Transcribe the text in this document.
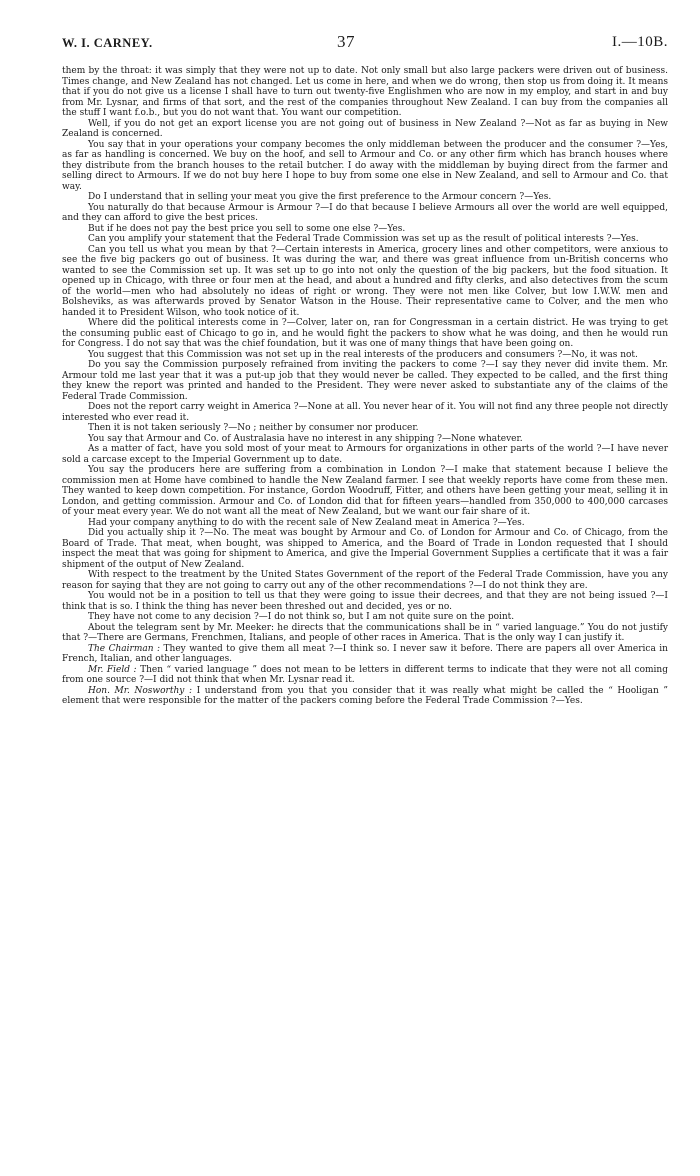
W. I. CARNEY.	37	I.—10B.

them by the throat: it was simply that they were not up to date. Not only small but also large packers were driven out of business. Times change, and New Zealand has not changed. Let us come in here, and when we do wrong, then stop us from doing it. It means that if you do not give us a license I shall have to turn out twenty-five Englishmen who are now in my employ, and start in and buy from Mr. Lysnar, and firms of that sort, and the rest of the companies throughout New Zealand. I can buy from the companies all the stuff I want f.o.b., but you do not want that. You want our competition.

Well, if you do not get an export license you are not going out of business in New Zealand ?—Not as far as buying in New Zealand is concerned.

You say that in your operations your company becomes the only middleman between the producer and the consumer ?—Yes, as far as handling is concerned. We buy on the hoof, and sell to Armour and Co. or any other firm which has branch houses where they distribute from the branch houses to the retail butcher. I do away with the middleman by buying direct from the farmer and selling direct to Armours. If we do not buy here I hope to buy from some one else in New Zealand, and sell to Armour and Co. that way.

Do I understand that in selling your meat you give the first preference to the Armour concern ?—Yes.

You naturally do that because Armour is Armour ?—I do that because I believe Armours all over the world are well equipped, and they can afford to give the best prices.

But if he does not pay the best price you sell to some one else ?—Yes.

Can you amplify your statement that the Federal Trade Commission was set up as the result of political interests ?—Yes.

Can you tell us what you mean by that ?—Certain interests in America, grocery lines and other competitors, were anxious to see the five big packers go out of business. It was during the war, and there was great influence from un-British concerns who wanted to see the Commission set up. It was set up to go into not only the question of the big packers, but the food situation. It opened up in Chicago, with three or four men at the head, and about a hundred and fifty clerks, and also detectives from the scum of the world—men who had absolutely no ideas of right or wrong. They were not men like Colver, but low I.W.W. men and Bolsheviks, as was afterwards proved by Senator Watson in the House. Their representative came to Colver, and the men who handed it to President Wilson, who took notice of it.

Where did the political interests come in ?—Colver, later on, ran for Congressman in a certain district. He was trying to get the consuming public east of Chicago to go in, and he would fight the packers to show what he was doing, and then he would run for Congress. I do not say that was the chief foundation, but it was one of many things that have been going on.

You suggest that this Commission was not set up in the real interests of the producers and consumers ?—No, it was not.

Do you say the Commission purposely refrained from inviting the packers to come ?—I say they never did invite them. Mr. Armour told me last year that it was a put-up job that they would never be called. They expected to be called, and the first thing they knew the report was printed and handed to the President. They were never asked to substantiate any of the claims of the Federal Trade Commission.

Does not the report carry weight in America ?—None at all. You never hear of it. You will not find any three people not directly interested who ever read it.

Then it is not taken seriously ?—No ; neither by consumer nor producer.

You say that Armour and Co. of Australasia have no interest in any shipping ?—None whatever.

As a matter of fact, have you sold most of your meat to Armours for organizations in other parts of the world ?—I have never sold a carcase except to the Imperial Government up to date.

You say the producers here are suffering from a combination in London ?—I make that statement because I believe the commission men at Home have combined to handle the New Zealand farmer. I see that weekly reports have come from these men. They wanted to keep down competition. For instance, Gordon Woodruff, Fitter, and others have been getting your meat, selling it in London, and getting commission. Armour and Co. of London did that for fifteen years—handled from 350,000 to 400,000 carcases of your meat every year. We do not want all the meat of New Zealand, but we want our fair share of it.

Had your company anything to do with the recent sale of New Zealand meat in America ?—Yes.

Did you actually ship it ?—No. The meat was bought by Armour and Co. of London for Armour and Co. of Chicago, from the Board of Trade. That meat, when bought, was shipped to America, and the Board of Trade in London requested that I should inspect the meat that was going for shipment to America, and give the Imperial Government Supplies a certificate that it was a fair shipment of the output of New Zealand.

With respect to the treatment by the United States Government of the report of the Federal Trade Commission, have you any reason for saying that they are not going to carry out any of the other recommendations ?—I do not think they are.

You would not be in a position to tell us that they were going to issue their decrees, and that they are not being issued ?—I think that is so. I think the thing has never been threshed out and decided, yes or no.

They have not come to any decision ?—I do not think so, but I am not quite sure on the point.

About the telegram sent by Mr. Meeker: he directs that the communications shall be in “ varied language.” You do not justify that ?—There are Germans, Frenchmen, Italians, and people of other races in America. That is the only way I can justify it.

The Chairman : They wanted to give them all meat ?—I think so. I never saw it before. There are papers all over America in French, Italian, and other languages.

Mr. Field : Then “ varied language ” does not mean to be letters in different terms to indicate that they were not all coming from one source ?—I did not think that when Mr. Lysnar read it.

Hon. Mr. Nosworthy : I understand from you that you consider that it was really what might be called the “ Hooligan ” element that were responsible for the matter of the packers coming before the Federal Trade Commission ?—Yes.
